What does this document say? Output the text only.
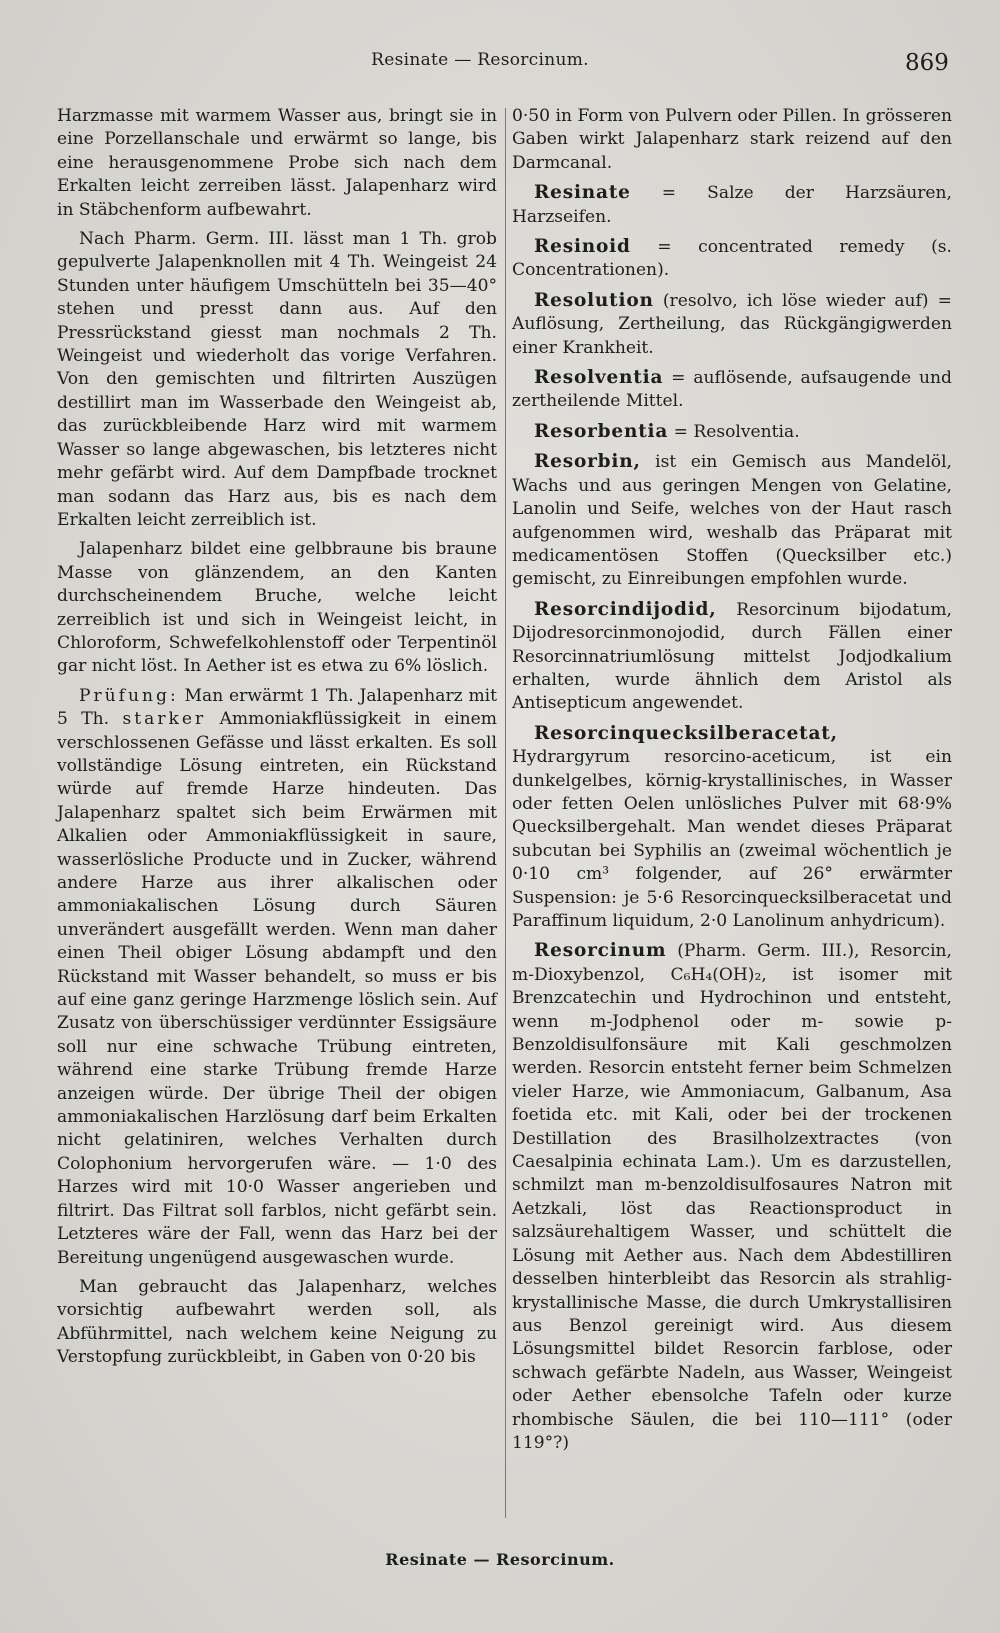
Resinate — Resorcinum.	869

Harzmasse mit warmem Wasser aus, bringt sie in eine Porzellanschale und erwärmt so lange, bis eine herausgenommene Probe sich nach dem Erkalten leicht zerreiben lässt. Jalapenharz wird in Stäbchenform aufbewahrt.

Nach Pharm. Germ. III. lässt man 1 Th. grob gepulverte Jalapenknollen mit 4 Th. Weingeist 24 Stunden unter häufigem Umschütteln bei 35—40° stehen und presst dann aus. Auf den Pressrückstand giesst man nochmals 2 Th. Weingeist und wiederholt das vorige Verfahren. Von den gemischten und filtrirten Auszügen destillirt man im Wasserbade den Weingeist ab, das zurückbleibende Harz wird mit warmem Wasser so lange abgewaschen, bis letzteres nicht mehr gefärbt wird. Auf dem Dampfbade trocknet man sodann das Harz aus, bis es nach dem Erkalten leicht zerreiblich ist.

Jalapenharz bildet eine gelbbraune bis braune Masse von glänzendem, an den Kanten durchscheinendem Bruche, welche leicht zerreiblich ist und sich in Weingeist leicht, in Chloroform, Schwefelkohlenstoff oder Terpentinöl gar nicht löst. In Aether ist es etwa zu 6% löslich.

Prüfung: Man erwärmt 1 Th. Jalapenharz mit 5 Th. starker Ammoniakflüssigkeit in einem verschlossenen Gefässe und lässt erkalten. Es soll vollständige Lösung eintreten, ein Rückstand würde auf fremde Harze hindeuten. Das Jalapenharz spaltet sich beim Erwärmen mit Alkalien oder Ammoniakflüssigkeit in saure, wasserlösliche Producte und in Zucker, während andere Harze aus ihrer alkalischen oder ammoniakalischen Lösung durch Säuren unverändert ausgefällt werden. Wenn man daher einen Theil obiger Lösung abdampft und den Rückstand mit Wasser behandelt, so muss er bis auf eine ganz geringe Harzmenge löslich sein. Auf Zusatz von überschüssiger verdünnter Essigsäure soll nur eine schwache Trübung eintreten, während eine starke Trübung fremde Harze anzeigen würde. Der übrige Theil der obigen ammoniakalischen Harzlösung darf beim Erkalten nicht gelatiniren, welches Verhalten durch Colophonium hervorgerufen wäre. — 1·0 des Harzes wird mit 10·0 Wasser angerieben und filtrirt. Das Filtrat soll farblos, nicht gefärbt sein. Letzteres wäre der Fall, wenn das Harz bei der Bereitung ungenügend ausgewaschen wurde.

Man gebraucht das Jalapenharz, welches vorsichtig aufbewahrt werden soll, als Abführmittel, nach welchem keine Neigung zu Verstopfung zurückbleibt, in Gaben von 0·20 bis

0·50 in Form von Pulvern oder Pillen. In grösseren Gaben wirkt Jalapenharz stark reizend auf den Darmcanal.

Resinate = Salze der Harzsäuren, Harzseifen.

Resinoid = concentrated remedy (s. Concentrationen).

Resolution (resolvo, ich löse wieder auf) = Auflösung, Zertheilung, das Rückgängigwerden einer Krankheit.

Resolventia = auflösende, aufsaugende und zertheilende Mittel.

Resorbentia = Resolventia.

Resorbin, ist ein Gemisch aus Mandelöl, Wachs und aus geringen Mengen von Gelatine, Lanolin und Seife, welches von der Haut rasch aufgenommen wird, weshalb das Präparat mit medicamentösen Stoffen (Quecksilber etc.) gemischt, zu Einreibungen empfohlen wurde.

Resorcindijodid, Resorcinum bijodatum, Dijodresorcinmonojodid, durch Fällen einer Resorcinnatriumlösung mittelst Jodjodkalium erhalten, wurde ähnlich dem Aristol als Antisepticum angewendet.

Resorcinquecksilberacetat, Hydrargyrum resorcino-aceticum, ist ein dunkelgelbes, körnig-krystallinisches, in Wasser oder fetten Oelen unlösliches Pulver mit 68·9% Quecksilbergehalt. Man wendet dieses Präparat subcutan bei Syphilis an (zweimal wöchentlich je 0·10 cm³ folgender, auf 26° erwärmter Suspension: je 5·6 Resorcinquecksilberacetat und Paraffinum liquidum, 2·0 Lanolinum anhydricum).

Resorcinum (Pharm. Germ. III.), Resorcin, m-Dioxybenzol, C₆H₄(OH)₂, ist isomer mit Brenzcatechin und Hydrochinon und entsteht, wenn m-Jodphenol oder m- sowie p-Benzoldisulfonsäure mit Kali geschmolzen werden. Resorcin entsteht ferner beim Schmelzen vieler Harze, wie Ammoniacum, Galbanum, Asa foetida etc. mit Kali, oder bei der trockenen Destillation des Brasilholzextractes (von Caesalpinia echinata Lam.). Um es darzustellen, schmilzt man m-benzoldisulfosaures Natron mit Aetzkali, löst das Reactionsproduct in salzsäurehaltigem Wasser, und schüttelt die Lösung mit Aether aus. Nach dem Abdestilliren desselben hinterbleibt das Resorcin als strahlig-krystallinische Masse, die durch Umkrystallisiren aus Benzol gereinigt wird. Aus diesem Lösungsmittel bildet Resorcin farblose, oder schwach gefärbte Nadeln, aus Wasser, Weingeist oder Aether ebensolche Tafeln oder kurze rhombische Säulen, die bei 110—111° (oder 119°?)

Resinate — Resorcinum.
